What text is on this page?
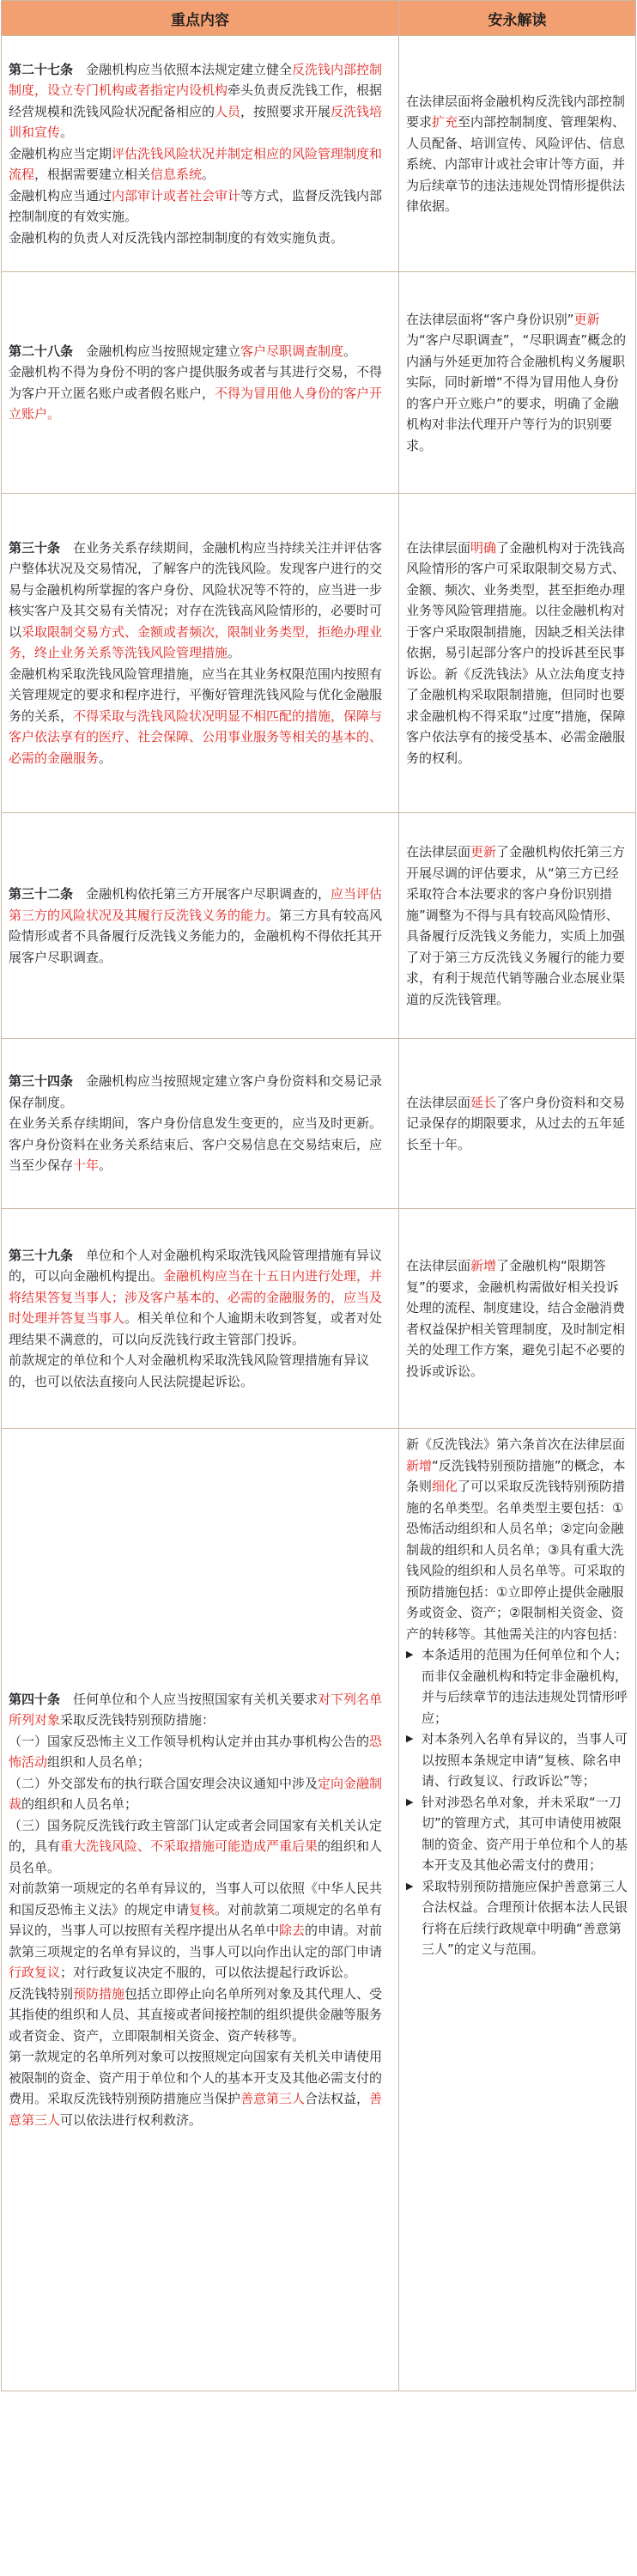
重点内容	安永解读

第二十七条　金融机构应当依照本法规定建立健全反洗钱内部控制制度，设立专门机构或者指定内设机构牵头负责反洗钱工作，根据经营规模和洗钱风险状况配备相应的人员，按照要求开展反洗钱培训和宣传。

金融机构应当定期评估洗钱风险状况并制定相应的风险管理制度和流程，根据需要建立相关信息系统。

金融机构应当通过内部审计或者社会审计等方式，监督反洗钱内部控制制度的有效实施。

金融机构的负责人对反洗钱内部控制制度的有效实施负责。

在法律层面将金融机构反洗钱内部控制要求扩充至内部控制制度、管理架构、人员配备、培训宣传、风险评估、信息系统、内部审计或社会审计等方面，并为后续章节的违法违规处罚情形提供法律依据。

第二十八条　金融机构应当按照规定建立客户尽职调查制度。

金融机构不得为身份不明的客户提供服务或者与其进行交易，不得为客户开立匿名账户或者假名账户，不得为冒用他人身份的客户开立账户。

在法律层面将“客户身份识别”更新为“客户尽职调查”，“尽职调查”概念的内涵与外延更加符合金融机构义务履职实际，同时新增“不得为冒用他人身份的客户开立账户”的要求，明确了金融机构对非法代理开户等行为的识别要求。

第三十条　在业务关系存续期间，金融机构应当持续关注并评估客户整体状况及交易情况，了解客户的洗钱风险。发现客户进行的交易与金融机构所掌握的客户身份、风险状况等不符的，应当进一步核实客户及其交易有关情况；对存在洗钱高风险情形的，必要时可以采取限制交易方式、金额或者频次，限制业务类型，拒绝办理业务，终止业务关系等洗钱风险管理措施。

金融机构采取洗钱风险管理措施，应当在其业务权限范围内按照有关管理规定的要求和程序进行，平衡好管理洗钱风险与优化金融服务的关系，不得采取与洗钱风险状况明显不相匹配的措施，保障与客户依法享有的医疗、社会保障、公用事业服务等相关的基本的、必需的金融服务。

在法律层面明确了金融机构对于洗钱高风险情形的客户可采取限制交易方式、金额、频次、业务类型，甚至拒绝办理业务等风险管理措施。以往金融机构对于客户采取限制措施，因缺乏相关法律依据，易引起部分客户的投诉甚至民事诉讼。新《反洗钱法》从立法角度支持了金融机构采取限制措施，但同时也要求金融机构不得采取“过度”措施，保障客户依法享有的接受基本、必需金融服务的权利。

第三十二条　金融机构依托第三方开展客户尽职调查的，应当评估第三方的风险状况及其履行反洗钱义务的能力。第三方具有较高风险情形或者不具备履行反洗钱义务能力的，金融机构不得依托其开展客户尽职调查。

在法律层面更新了金融机构依托第三方开展尽调的评估要求，从“第三方已经采取符合本法要求的客户身份识别措施”调整为不得与具有较高风险情形、具备履行反洗钱义务能力，实质上加强了对于第三方反洗钱义务履行的能力要求，有利于规范代销等融合业态展业渠道的反洗钱管理。

第三十四条　金融机构应当按照规定建立客户身份资料和交易记录保存制度。

在业务关系存续期间，客户身份信息发生变更的，应当及时更新。

客户身份资料在业务关系结束后、客户交易信息在交易结束后，应当至少保存十年。

在法律层面延长了客户身份资料和交易记录保存的期限要求，从过去的五年延长至十年。

第三十九条　单位和个人对金融机构采取洗钱风险管理措施有异议的，可以向金融机构提出。金融机构应当在十五日内进行处理，并将结果答复当事人；涉及客户基本的、必需的金融服务的，应当及时处理并答复当事人。相关单位和个人逾期未收到答复，或者对处理结果不满意的，可以向反洗钱行政主管部门投诉。

前款规定的单位和个人对金融机构采取洗钱风险管理措施有异议的，也可以依法直接向人民法院提起诉讼。

在法律层面新增了金融机构“限期答复”的要求，金融机构需做好相关投诉处理的流程、制度建设，结合金融消费者权益保护相关管理制度，及时制定相关的处理工作方案，避免引起不必要的投诉或诉讼。

第四十条　任何单位和个人应当按照国家有关机关要求对下列名单所列对象采取反洗钱特别预防措施：

（一）国家反恐怖主义工作领导机构认定并由其办事机构公告的恐怖活动组织和人员名单；

（二）外交部发布的执行联合国安理会决议通知中涉及定向金融制裁的组织和人员名单；

（三）国务院反洗钱行政主管部门认定或者会同国家有关机关认定的，具有重大洗钱风险、不采取措施可能造成严重后果的组织和人员名单。

对前款第一项规定的名单有异议的，当事人可以依照《中华人民共和国反恐怖主义法》的规定申请复核。对前款第二项规定的名单有异议的，当事人可以按照有关程序提出从名单中除去的申请。对前款第三项规定的名单有异议的，当事人可以向作出认定的部门申请行政复议；对行政复议决定不服的，可以依法提起行政诉讼。

反洗钱特别预防措施包括立即停止向名单所列对象及其代理人、受其指使的组织和人员、其直接或者间接控制的组织提供金融等服务或者资金、资产，立即限制相关资金、资产转移等。

第一款规定的名单所列对象可以按照规定向国家有关机关申请使用被限制的资金、资产用于单位和个人的基本开支及其他必需支付的费用。采取反洗钱特别预防措施应当保护善意第三人合法权益，善意第三人可以依法进行权利救济。

新《反洗钱法》第六条首次在法律层面新增“反洗钱特别预防措施”的概念，本条则细化了可以采取反洗钱特别预防措施的名单类型。名单类型主要包括：①恐怖活动组织和人员名单；②定向金融制裁的组织和人员名单；③具有重大洗钱风险的组织和人员名单等。可采取的预防措施包括：①立即停止提供金融服务或资金、资产；②限制相关资金、资产的转移等。其他需关注的内容包括：

▶ 本条适用的范围为任何单位和个人；而非仅金融机构和特定非金融机构，并与后续章节的违法违规处罚情形呼应；
▶ 对本条列入名单有异议的，当事人可以按照本条规定申请“复核、除名申请、行政复议、行政诉讼”等；
▶ 针对涉恐名单对象，并未采取“一刀切”的管理方式，其可申请使用被限制的资金、资产用于单位和个人的基本开支及其他必需支付的费用；
▶ 采取特别预防措施应保护善意第三人合法权益。合理预计依据本法人民银行将在后续行政规章中明确“善意第三人”的定义与范围。
